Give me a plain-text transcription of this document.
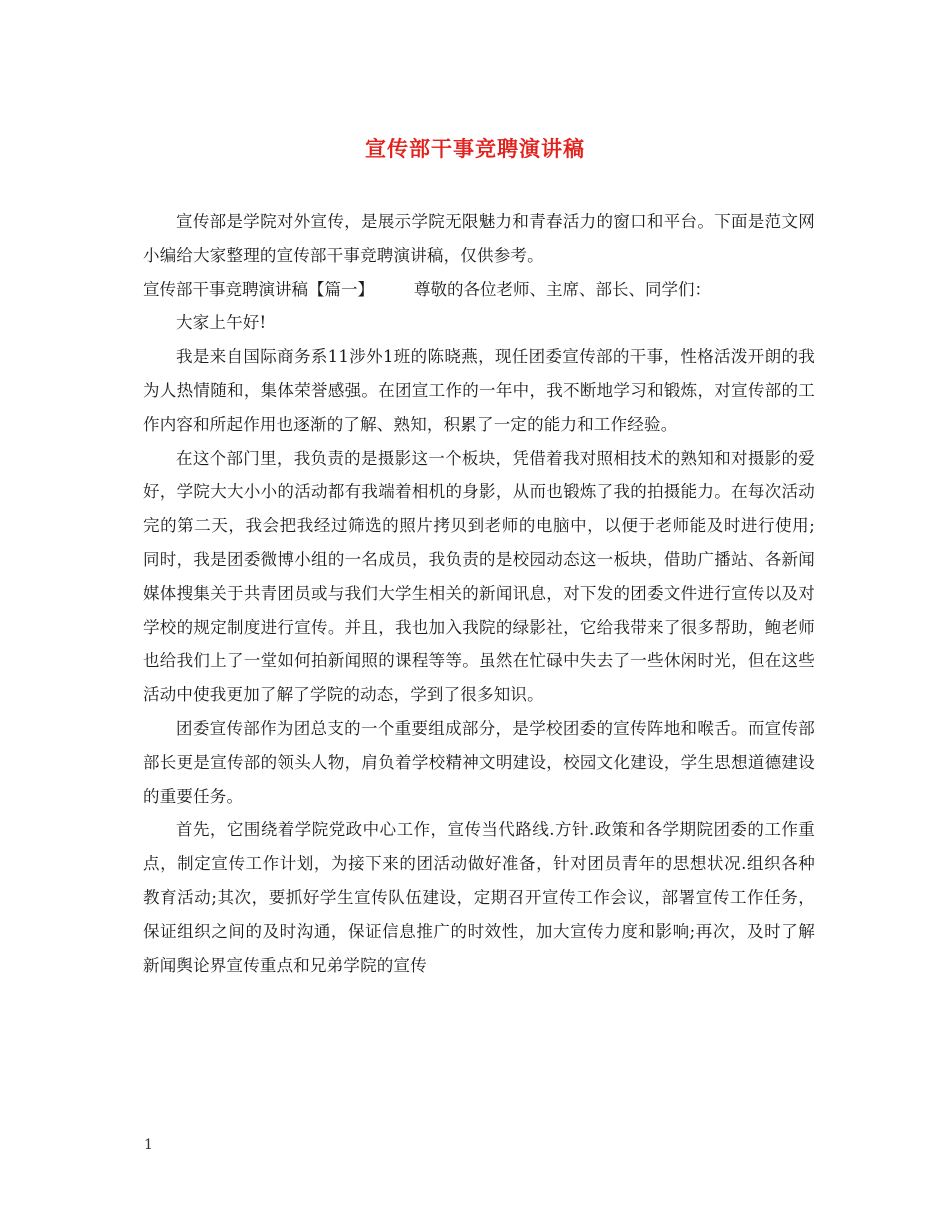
宣传部干事竞聘演讲稿

宣传部是学院对外宣传，是展示学院无限魅力和青春活力的窗口和平台。下面是范文网小编给大家整理的宣传部干事竞聘演讲稿，仅供参考。

宣传部干事竞聘演讲稿【篇一】 尊敬的各位老师、主席、部长、同学们：

大家上午好!

我是来自国际商务系11涉外1班的陈晓燕，现任团委宣传部的干事，性格活泼开朗的我为人热情随和，集体荣誉感强。在团宣工作的一年中，我不断地学习和锻炼，对宣传部的工作内容和所起作用也逐渐的了解、熟知，积累了一定的能力和工作经验。

在这个部门里，我负责的是摄影这一个板块，凭借着我对照相技术的熟知和对摄影的爱好，学院大大小小的活动都有我端着相机的身影，从而也锻炼了我的拍摄能力。在每次活动完的第二天，我会把我经过筛选的照片拷贝到老师的电脑中，以便于老师能及时进行使用;同时，我是团委微博小组的一名成员，我负责的是校园动态这一板块，借助广播站、各新闻媒体搜集关于共青团员或与我们大学生相关的新闻讯息，对下发的团委文件进行宣传以及对学校的规定制度进行宣传。并且，我也加入我院的绿影社，它给我带来了很多帮助，鲍老师也给我们上了一堂如何拍新闻照的课程等等。虽然在忙碌中失去了一些休闲时光，但在这些活动中使我更加了解了学院的动态，学到了很多知识。

团委宣传部作为团总支的一个重要组成部分，是学校团委的宣传阵地和喉舌。而宣传部部长更是宣传部的领头人物，肩负着学校精神文明建设，校园文化建设，学生思想道德建设的重要任务。

首先，它围绕着学院党政中心工作，宣传当代路线.方针.政策和各学期院团委的工作重点，制定宣传工作计划，为接下来的团活动做好准备，针对团员青年的思想状况.组织各种教育活动;其次，要抓好学生宣传队伍建设，定期召开宣传工作会议，部署宣传工作任务，保证组织之间的及时沟通，保证信息推广的时效性，加大宣传力度和影响;再次，及时了解新闻舆论界宣传重点和兄弟学院的宣传

1
